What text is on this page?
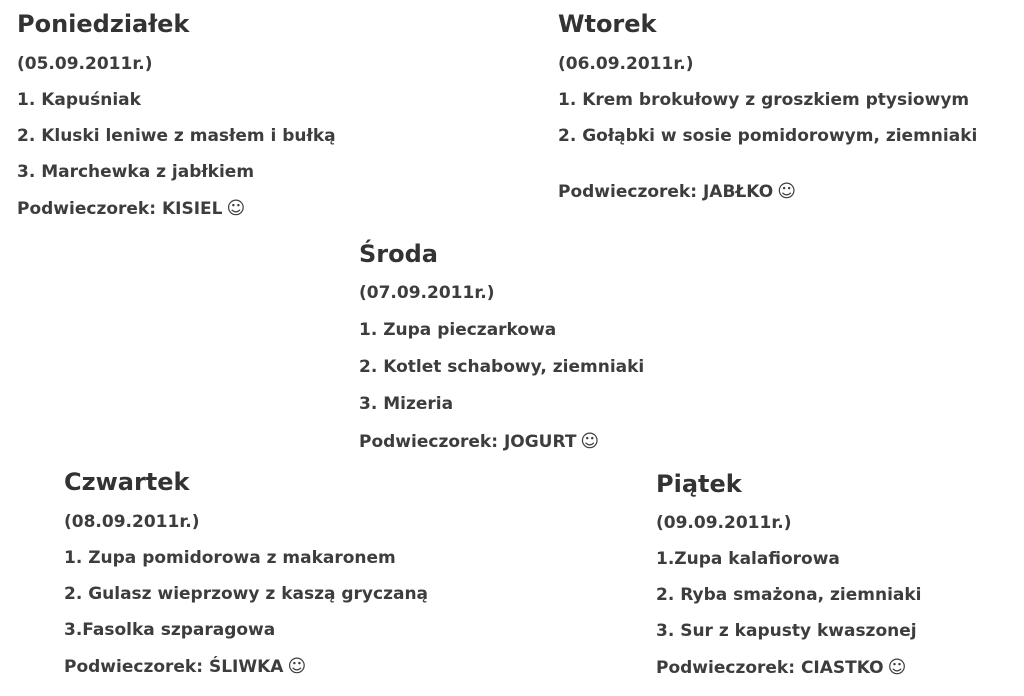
Poniedziałek

(05.09.2011r.)

1. Kapuśniak

2. Kluski leniwe z masłem i bułką

3. Marchewka z jabłkiem

Podwieczorek: KISIEL ☺

Wtorek

(06.09.2011r.)

1. Krem brokułowy z groszkiem ptysiowym

2. Gołąbki w sosie pomidorowym, ziemniaki

Podwieczorek: JABŁKO ☺

Środa

(07.09.2011r.)

1. Zupa pieczarkowa

2. Kotlet schabowy, ziemniaki

3. Mizeria

Podwieczorek: JOGURT ☺

Czwartek

(08.09.2011r.)

1. Zupa pomidorowa z makaronem

2. Gulasz wieprzowy z kaszą gryczaną

3.Fasolka szparagowa

Podwieczorek: ŚLIWKA ☺

Piątek

(09.09.2011r.)

1.Zupa kalafiorowa

2. Ryba smażona, ziemniaki

3. Sur z kapusty kwaszonej

Podwieczorek: CIASTKO ☺
